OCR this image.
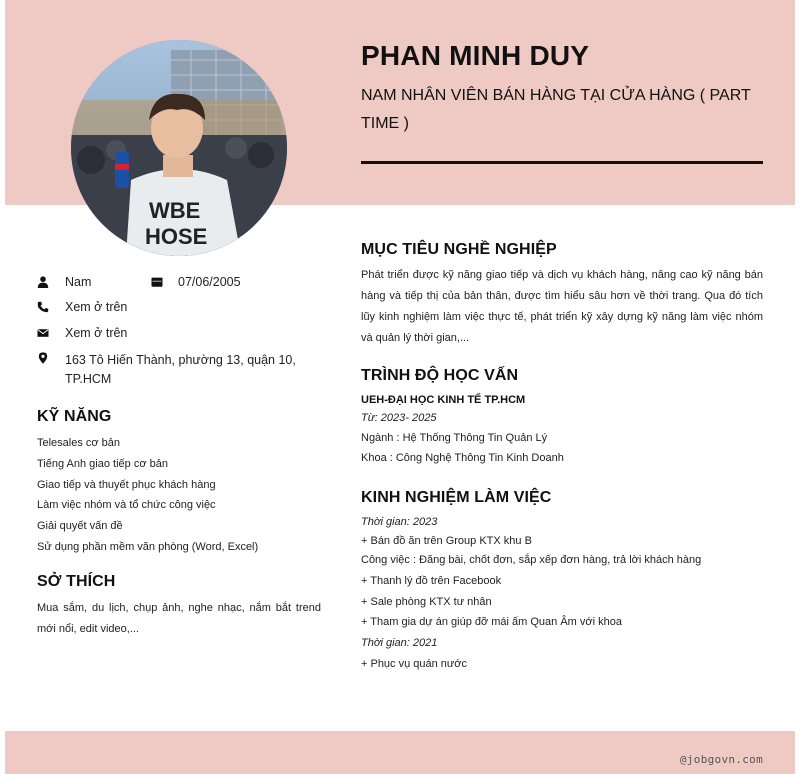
WBE
HOSE
PHAN MINH DUY
NAM NHÂN VIÊN BÁN HÀNG TẠI CỬA HÀNG ( PART TIME )
Nam	07/06/2005
Xem ở trên
Xem ở trên
163 Tô Hiến Thành, phường 13, quận 10, TP.HCM
KỸ NĂNG
Telesales cơ bản
Tiếng Anh giao tiếp cơ bản
Giao tiếp và thuyết phục khách hàng
Làm việc nhóm và tổ chức công việc
Giải quyết vấn đề
Sử dụng phần mềm văn phòng (Word, Excel)
SỞ THÍCH
Mua sắm, du lịch, chụp ảnh, nghe nhạc, nắm bắt trend mới nổi, edit video,...
MỤC TIÊU NGHỀ NGHIỆP
Phát triển được kỹ năng giao tiếp và dịch vụ khách hàng, nâng cao kỹ năng bán hàng và tiếp thị của bản thân, được tìm hiểu sâu hơn về thời trang. Qua đó tích lũy kinh nghiệm làm việc thực tế, phát triển kỹ xây dựng kỹ năng làm việc nhóm và quản lý thời gian,...
TRÌNH ĐỘ HỌC VẤN
UEH-ĐẠI HỌC KINH TẾ TP.HCM
Từ: 2023- 2025
Ngành : Hệ Thống Thông Tin Quản Lý
Khoa : Công Nghệ Thông Tin Kinh Doanh
KINH NGHIỆM LÀM VIỆC
Thời gian: 2023
+ Bán đồ ăn trên Group KTX khu B
Công việc : Đăng bài, chốt đơn, sắp xếp đơn hàng, trả lời khách hàng
+ Thanh lý đồ trên Facebook
+ Sale phòng KTX tư nhân
+ Tham gia dự án giúp đỡ mái ấm Quan Âm với khoa
Thời gian: 2021
+ Phục vụ quán nước
@jobgovn.com
